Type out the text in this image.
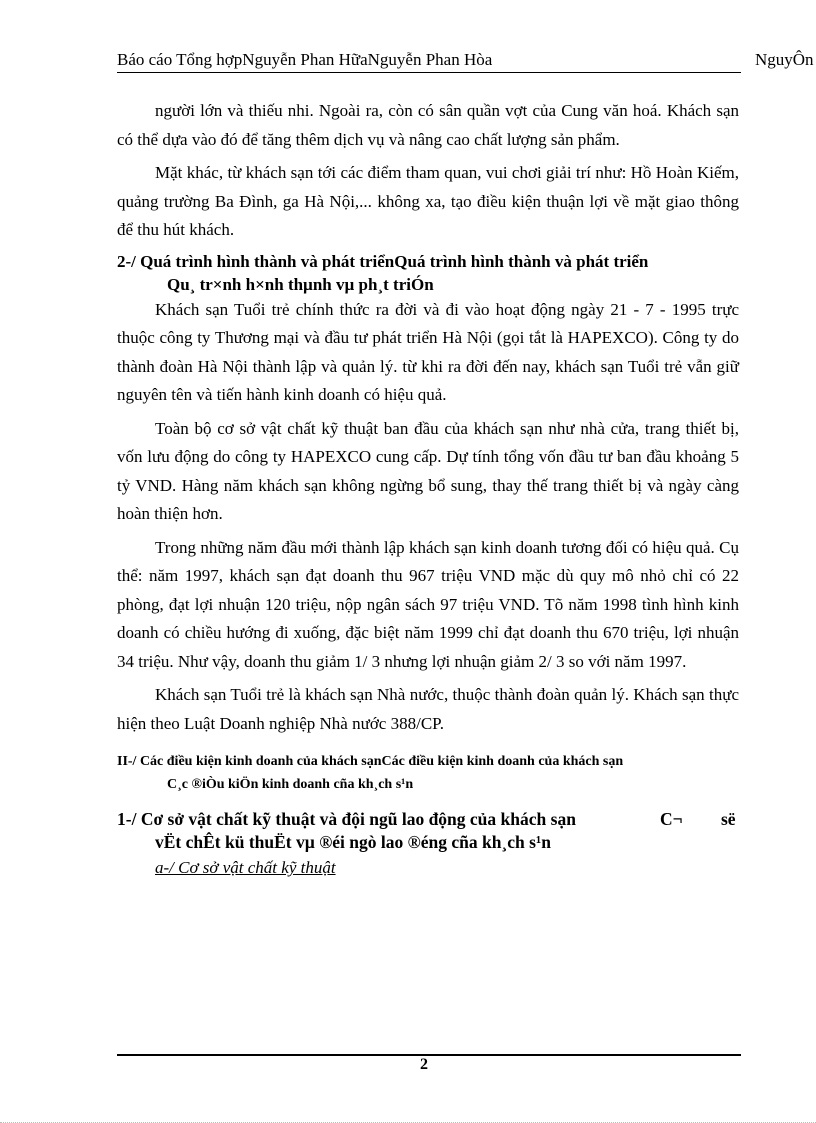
Báo cáo Tổng hợpNguyễn Phan HữaNguyễn Phan Hòa	NguyÔn

người lớn và thiếu nhi. Ngoài ra, còn có sân quần vợt của Cung văn hoá. Khách sạn có thể dựa vào đó để tăng thêm dịch vụ và nâng cao chất lượng sản phẩm.

Mặt khác, từ khách sạn tới các điểm tham quan, vui chơi giải trí như: Hồ Hoàn Kiếm, quảng trường Ba Đình, ga Hà Nội,... không xa, tạo điều kiện thuận lợi về mặt giao thông để thu hút khách.

2-/ Quá trình hình thành và phát triểnQuá trình hình thành và phát triển
Qu¸ tr×nh h×nh thµnh vµ ph¸t triÓn

Khách sạn Tuổi trẻ chính thức ra đời và đi vào hoạt động ngày 21 - 7 - 1995 trực thuộc công ty Thương mại và đầu tư phát triển Hà Nội (gọi tắt là HAPEXCO). Công ty do thành đoàn Hà Nội thành lập và quản lý. từ khi ra đời đến nay, khách sạn Tuổi trẻ vẫn giữ nguyên tên và tiến hành kinh doanh có hiệu quả.

Toàn bộ cơ sở vật chất kỹ thuật ban đầu của khách sạn như nhà cửa, trang thiết bị, vốn lưu động do công ty HAPEXCO cung cấp. Dự tính tổng vốn đầu tư ban đầu khoảng 5 tỷ VND. Hàng năm khách sạn không ngừng bổ sung, thay thế trang thiết bị và ngày càng hoàn thiện hơn.

Trong những năm đầu mới thành lập khách sạn kinh doanh tương đối có hiệu quả. Cụ thể: năm 1997, khách sạn đạt doanh thu 967 triệu VND mặc dù quy mô nhỏ chỉ có 22 phòng, đạt lợi nhuận 120 triệu, nộp ngân sách 97 triệu VND. Tõ năm 1998 tình hình kinh doanh có chiều hướng đi xuống, đặc biệt năm 1999 chỉ đạt doanh thu 670 triệu, lợi nhuận 34 triệu. Như vậy, doanh thu giảm 1/ 3 nhưng lợi nhuận giảm 2/ 3 so với năm 1997.

Khách sạn Tuổi trẻ là khách sạn Nhà nước, thuộc thành đoàn quản lý. Khách sạn thực hiện theo Luật Doanh nghiệp Nhà nước 388/CP.

II-/ Các điều kiện kinh doanh của khách sạnCác điều kiện kinh doanh của khách sạn
C¸c ®iÒu kiÖn kinh doanh cña kh¸ch s¹n
1-/ Cơ sở vật chất kỹ thuật và đội ngũ lao động của khách sạn	C¬ së
vËt chÊt kü thuËt vµ ®éi ngò lao ®éng cña kh¸ch s¹n

a-/ Cơ sở vật chất kỹ thuật

2
